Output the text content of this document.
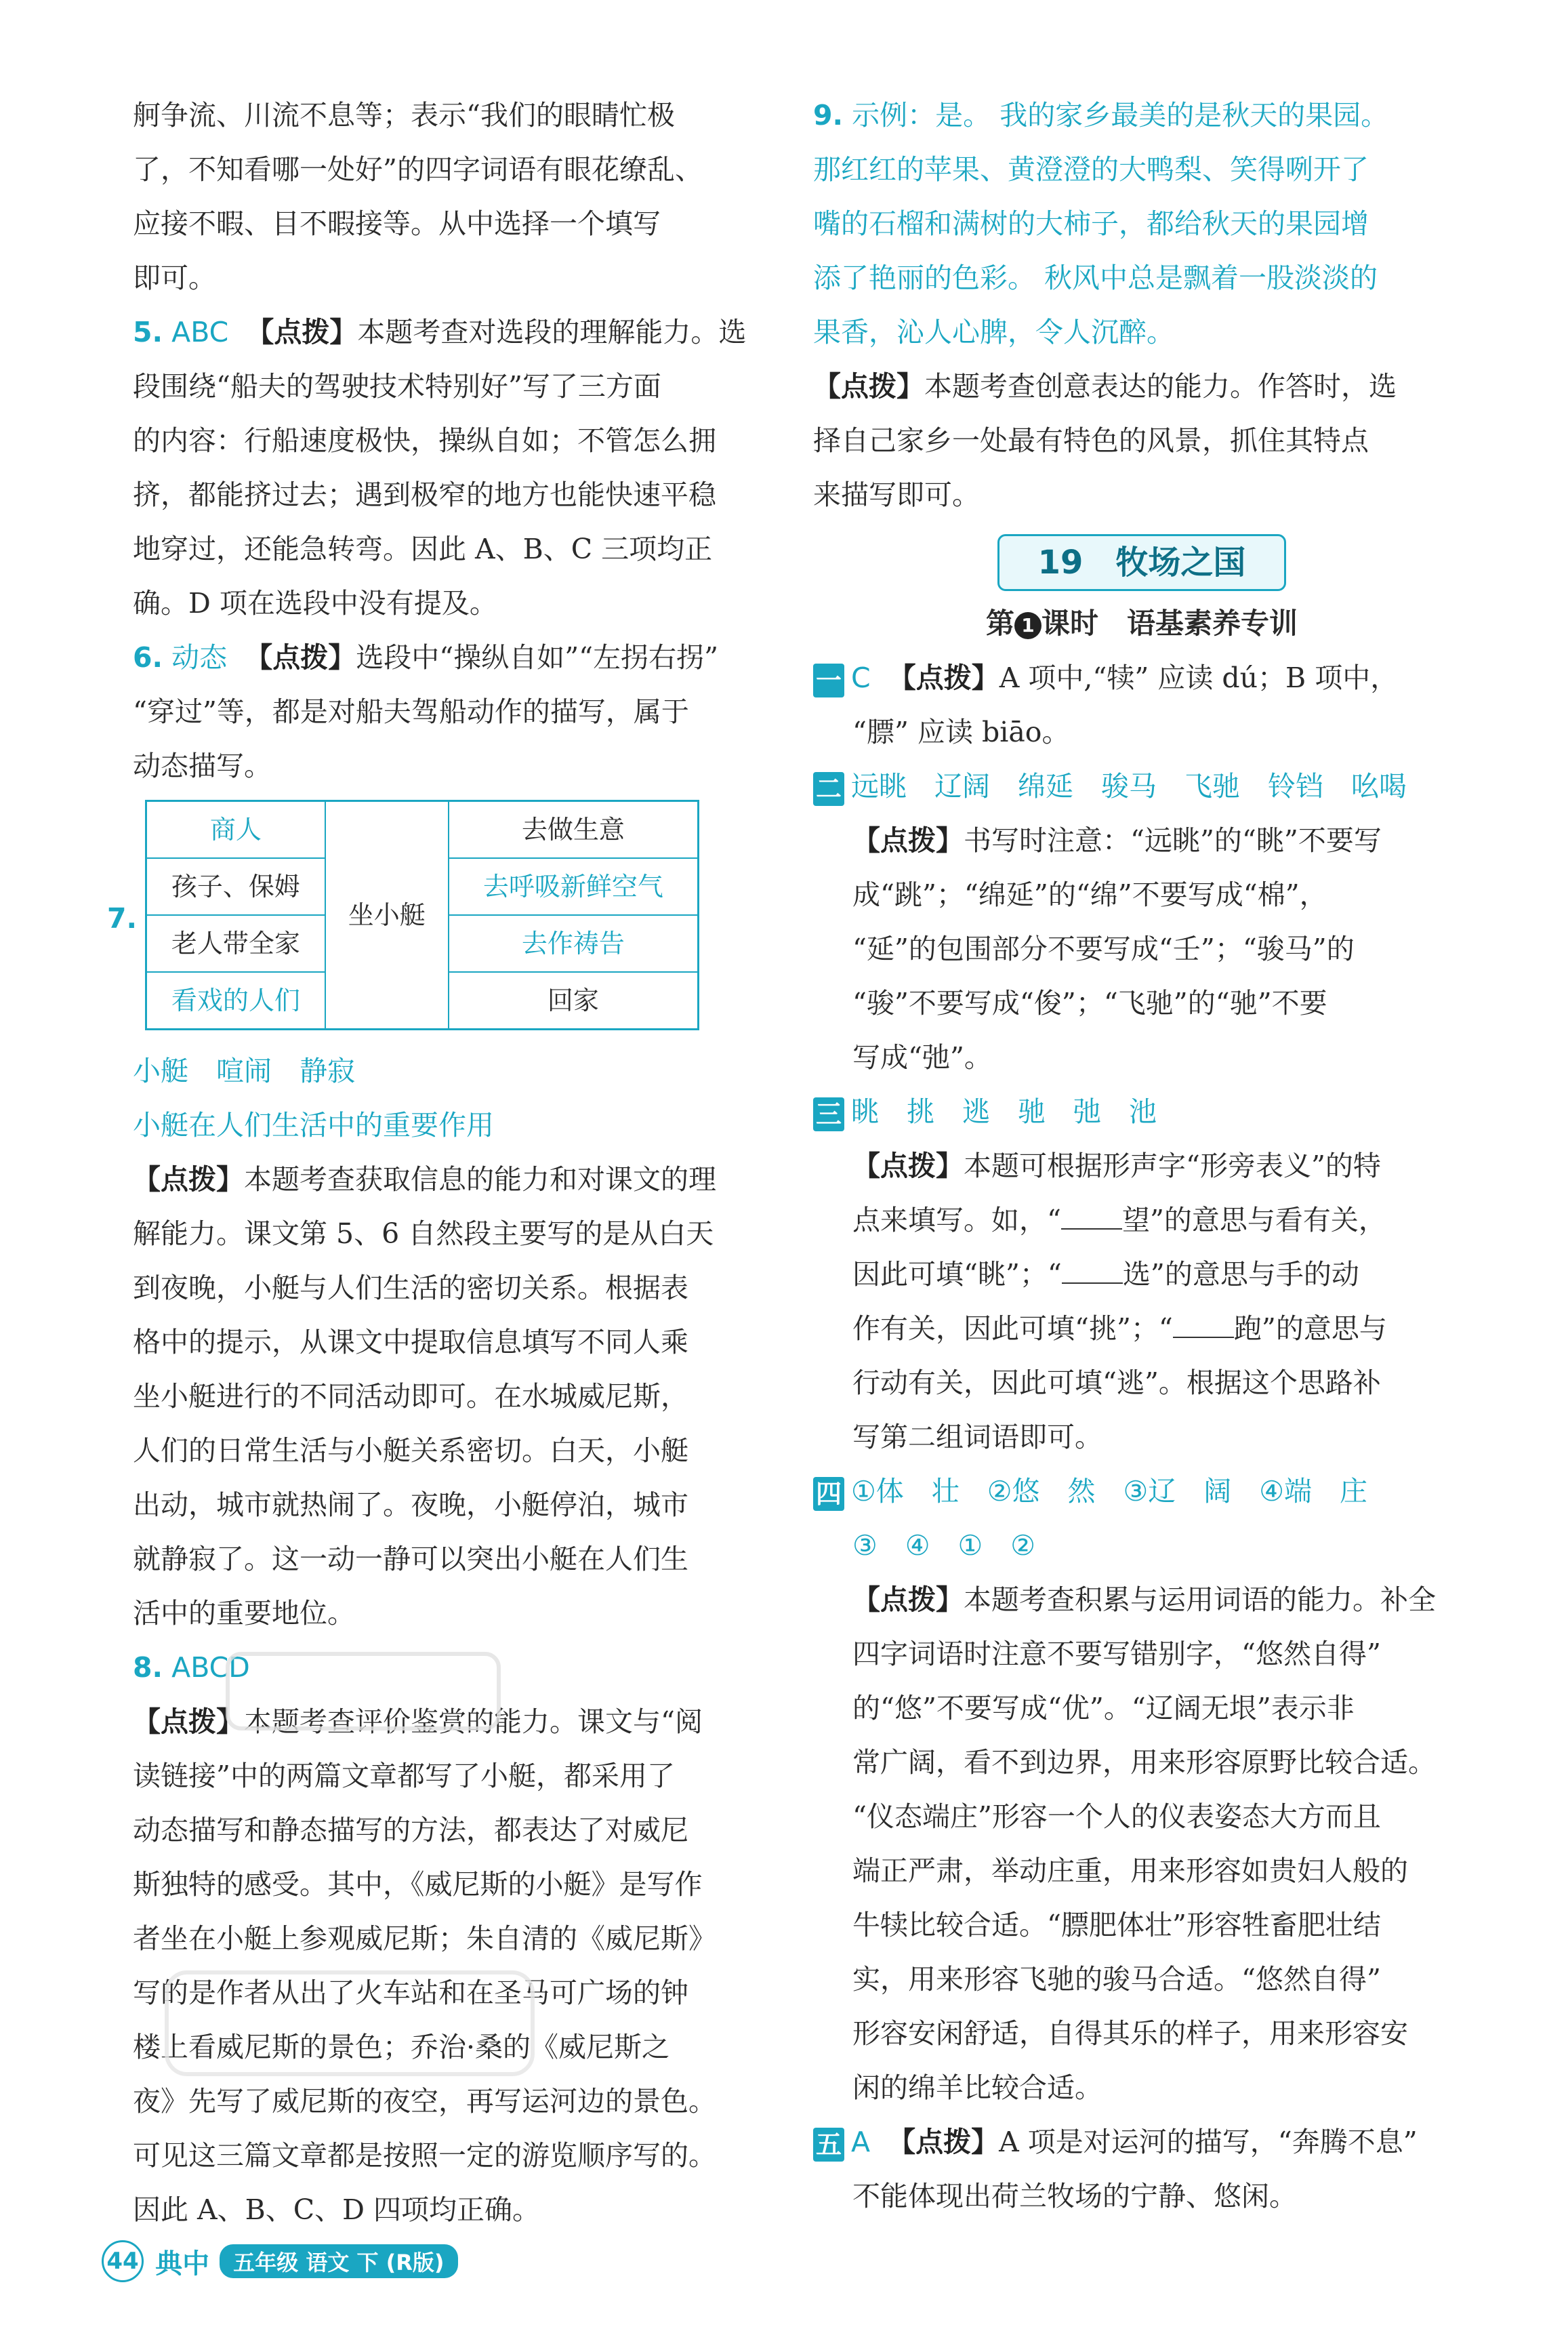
舸争流、川流不息等；表示“我们的眼睛忙极
了，不知看哪一处好”的四字词语有眼花缭乱、
应接不暇、目不暇接等。从中选择一个填写
即可。
5. ABC 【点拨】本题考查对选段的理解能力。选
段围绕“船夫的驾驶技术特别好”写了三方面
的内容：行船速度极快，操纵自如；不管怎么拥
挤，都能挤过去；遇到极窄的地方也能快速平稳
地穿过，还能急转弯。因此 A、B、C 三项均正
确。D 项在选段中没有提及。
6. 动态 【点拨】选段中“操纵自如”“左拐右拐”
“穿过”等，都是对船夫驾船动作的描写，属于
动态描写。
7.
商人	坐小艇	去做生意
孩子、保姆		去呼吸新鲜空气
老人带全家		去作祷告
看戏的人们		回家
小艇　喧闹　静寂
小艇在人们生活中的重要作用
【点拨】本题考查获取信息的能力和对课文的理
解能力。课文第 5、6 自然段主要写的是从白天
到夜晚，小艇与人们生活的密切关系。根据表
格中的提示，从课文中提取信息填写不同人乘
坐小艇进行的不同活动即可。在水城威尼斯，
人们的日常生活与小艇关系密切。白天，小艇
出动，城市就热闹了。夜晚，小艇停泊，城市
就静寂了。这一动一静可以突出小艇在人们生
活中的重要地位。
8. ABCD
【点拨】本题考查评价鉴赏的能力。课文与“阅
读链接”中的两篇文章都写了小艇，都采用了
动态描写和静态描写的方法，都表达了对威尼
斯独特的感受。其中，《威尼斯的小艇》是写作
者坐在小艇上参观威尼斯；朱自清的《威尼斯》
写的是作者从出了火车站和在圣马可广场的钟
楼上看威尼斯的景色；乔治·桑的《威尼斯之
夜》先写了威尼斯的夜空，再写运河边的景色。
可见这三篇文章都是按照一定的游览顺序写的。
因此 A、B、C、D 四项均正确。
9. 示例：是。 我的家乡最美的是秋天的果园。
那红红的苹果、黄澄澄的大鸭梨、笑得咧开了
嘴的石榴和满树的大柿子，都给秋天的果园增
添了艳丽的色彩。 秋风中总是飘着一股淡淡的
果香，沁人心脾，令人沉醉。
【点拨】本题考查创意表达的能力。作答时，选
择自己家乡一处最有特色的风景，抓住其特点
来描写即可。
19　牧场之国
第 1 课时　语基素养专训
一 C 【点拨】A 项中,“犊” 应读 dú；B 项中，
“膘” 应读 biāo。
二 远眺　辽阔　绵延　骏马　飞驰　铃铛　吆喝
【点拨】书写时注意：“远眺”的“眺”不要写
成“跳”；“绵延”的“绵”不要写成“棉”，
“延”的包围部分不要写成“壬”；“骏马”的
“骏”不要写成“俊”；“飞驰”的“驰”不要
写成“弛”。
三 眺　挑　逃　驰　弛　池
【点拨】本题可根据形声字“形旁表义”的特
点来填写。如，“ 望”的意思与看有关，
因此可填“眺”；“ 选”的意思与手的动
作有关，因此可填“挑”；“ 跑”的意思与
行动有关，因此可填“逃”。根据这个思路补
写第二组词语即可。
四 ①体　壮　②悠　然　③辽　阔　④端　庄
③　④　①　②
【点拨】本题考查积累与运用词语的能力。补全
四字词语时注意不要写错别字，“悠然自得”
的“悠”不要写成“优”。“辽阔无垠”表示非
常广阔，看不到边界，用来形容原野比较合适。
“仪态端庄”形容一个人的仪表姿态大方而且
端正严肃，举动庄重，用来形容如贵妇人般的
牛犊比较合适。“膘肥体壮”形容牲畜肥壮结
实，用来形容飞驰的骏马合适。“悠然自得”
形容安闲舒适，自得其乐的样子，用来形容安
闲的绵羊比较合适。
五 A 【点拨】A 项是对运河的描写，“奔腾不息”
不能体现出荷兰牧场的宁静、悠闲。
44 典中 五年级 语文 下 (R版)
